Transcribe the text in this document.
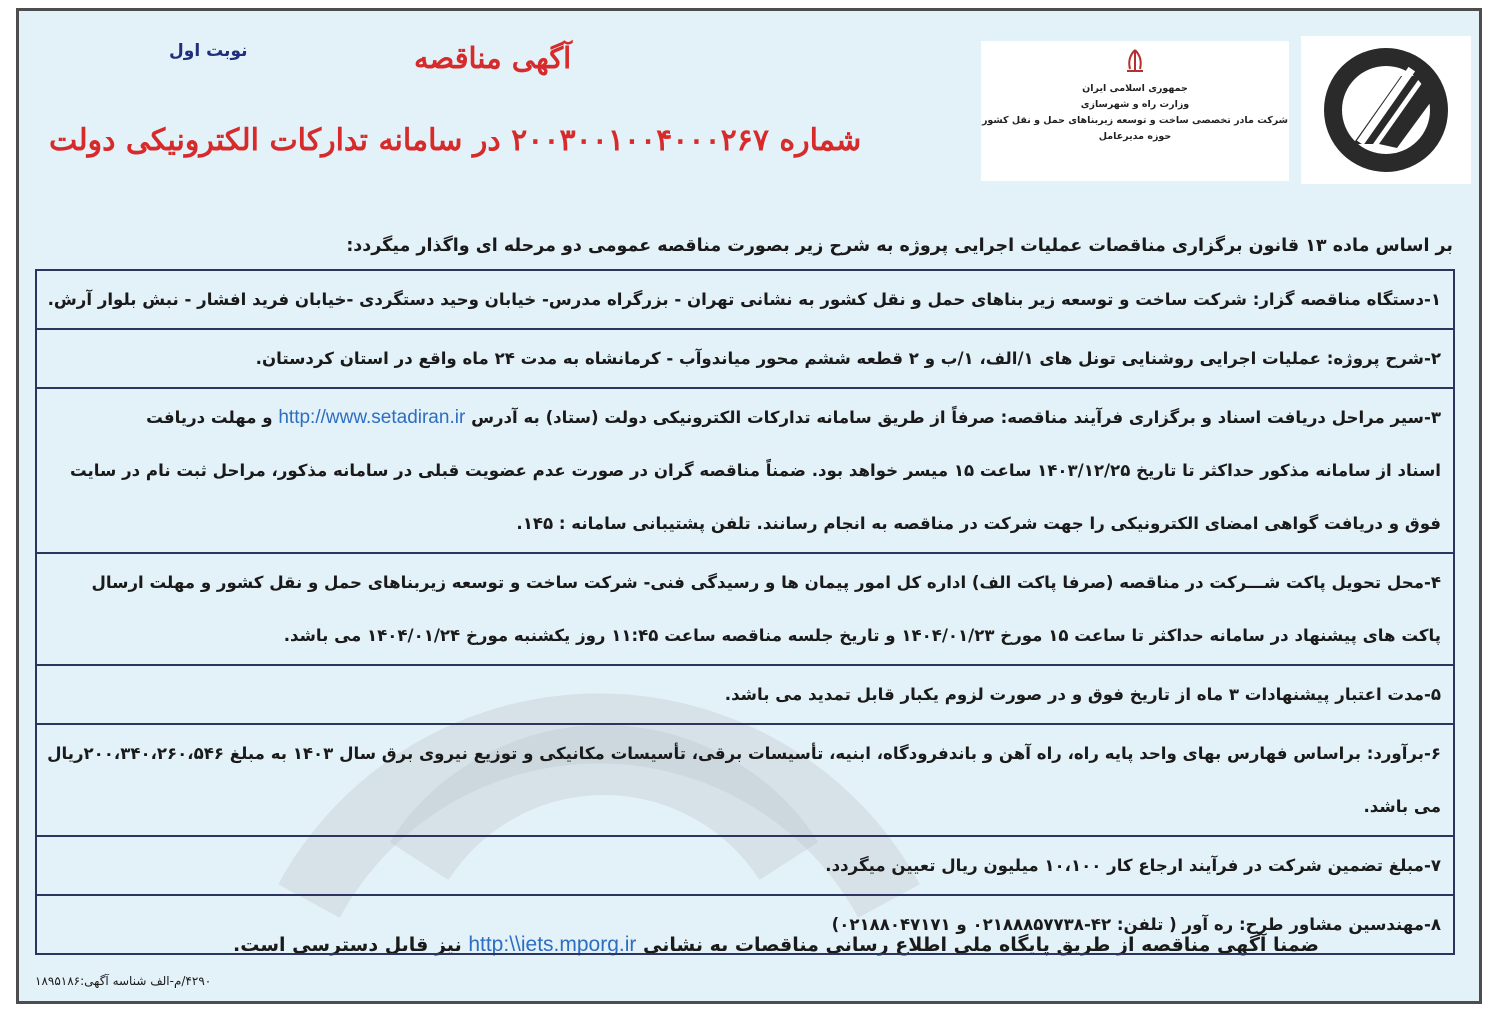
جمهوری اسلامی ایران
وزارت راه و شهرسازی
شرکت مادر تخصصی ساخت و توسعه زیربناهای حمل و نقل کشور
حوزه مدیرعامل
آگهی مناقصه
نوبت اول
شماره ۲۰۰۳۰۰۱۰۰۴۰۰۰۲۶۷ در سامانه تدارکات الکترونیکی دولت
بر اساس ماده ۱۳ قانون برگزاری مناقصات عملیات اجرایی پروژه به شرح زیر بصورت مناقصه عمومی دو مرحله ای واگذار میگردد:
۱-دستگاه مناقصه گزار: شرکت ساخت و توسعه زیر بناهای حمل و نقل کشور به نشانی تهران - بزرگراه مدرس- خیابان وحید دستگردی -خیابان فرید افشار - نبش بلوار آرش.
۲-شرح پروژه: عملیات اجرایی روشنایی تونل های ۱/الف، ۱/ب و ۲ قطعه ششم محور میاندوآب - کرمانشاه به مدت ۲۴ ماه واقع در استان کردستان.
۳-سیر مراحل دریافت اسناد و برگزاری فرآیند مناقصه: صرفاً از طریق سامانه تدارکات الکترونیکی دولت (ستاد) به آدرس http://www.setadiran.ir و مهلت دریافت
اسناد از سامانه مذکور حداکثر تا تاریخ ۱۴۰۳/۱۲/۲۵ ساعت ۱۵ میسر خواهد بود. ضمناً مناقصه گران در صورت عدم عضویت قبلی در سامانه مذکور، مراحل ثبت نام در سایت
فوق و دریافت گواهی امضای الکترونیکی را جهت شرکت در مناقصه به انجام رسانند. تلفن پشتیبانی سامانه : ۱۴۵.
۴-محل تحویل پاکت شـــرکت در مناقصه (صرفا پاکت الف) اداره کل امور پیمان ها و رسیدگی فنی- شرکت ساخت و توسعه زیربناهای حمل و نقل کشور و مهلت ارسال
پاکت های پیشنهاد در سامانه حداکثر تا ساعت ۱۵ مورخ ۱۴۰۴/۰۱/۲۳ و تاریخ جلسه مناقصه ساعت ۱۱:۴۵ روز یکشنبه مورخ ۱۴۰۴/۰۱/۲۴ می باشد.
۵-مدت اعتبار پیشنهادات ۳ ماه از تاریخ فوق و در صورت لزوم یکبار قابل تمدید می باشد.
۶-برآورد: براساس فهارس بهای واحد پایه راه، راه آهن و باندفرودگاه، ابنیه، تأسیسات برقی، تأسیسات مکانیکی و توزیع نیروی برق سال ۱۴۰۳ به مبلغ ۲۰۰،۳۴۰،۲۶۰،۵۴۶ریال
می باشد.
۷-مبلغ تضمین شرکت در فرآیند ارجاع کار ۱۰،۱۰۰ میلیون ریال تعیین میگردد.
۸-مهندسین مشاور طرح: ره آور ( تلفن: ۴۲-۰۲۱۸۸۸۵۷۷۳۸ و ۰۲۱۸۸۰۴۷۱۷۱)
ضمنا آگهی مناقصه از طریق پایگاه ملی اطلاع رسانی مناقصات به نشانی http:\\iets.mporg.ir نیز قابل دسترسی است.
۴۲۹۰/م-الف شناسه آگهی:۱۸۹۵۱۸۶
